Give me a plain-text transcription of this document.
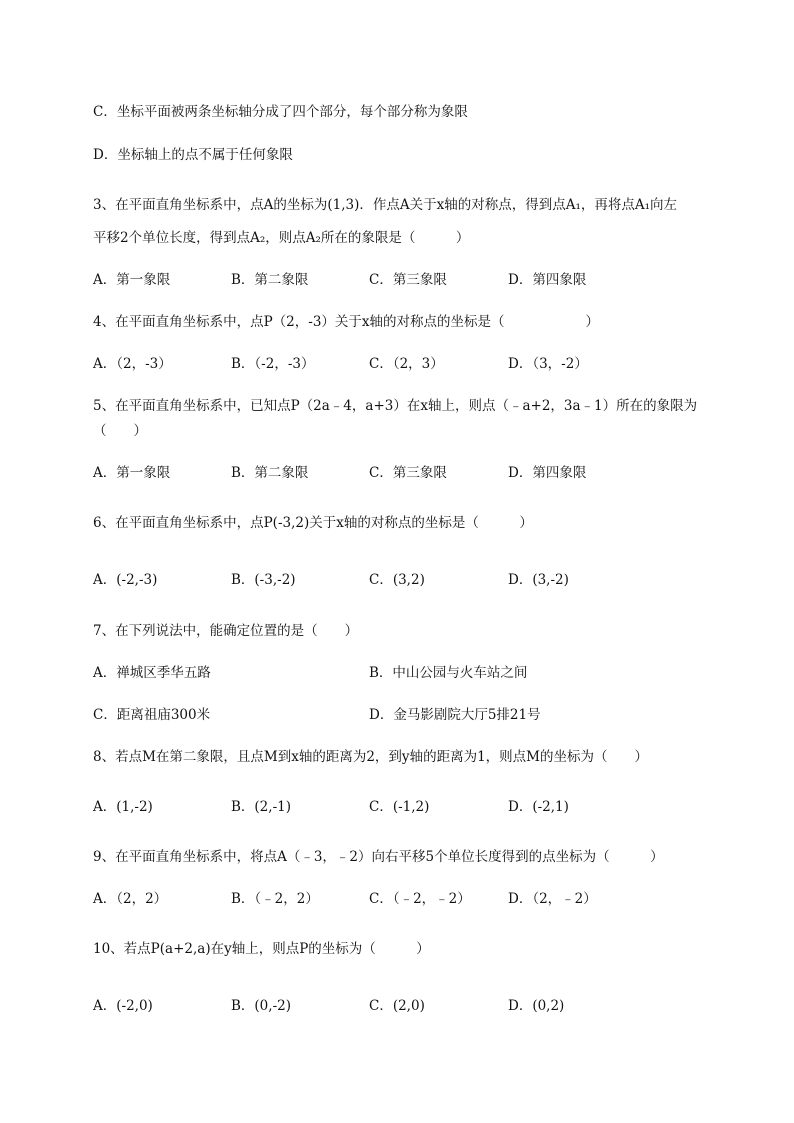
C．坐标平面被两条坐标轴分成了四个部分，每个部分称为象限
D．坐标轴上的点不属于任何象限
3、在平面直角坐标系中，点A的坐标为(1,3)．作点A关于x轴的对称点，得到点A₁，再将点A₁向左
平移2个单位长度，得到点A₂，则点A₂所在的象限是（　　　）
A．第一象限	B．第二象限	C．第三象限	D．第四象限
4、在平面直角坐标系中，点P（2，-3）关于x轴的对称点的坐标是（　　　　　　）
A．（2，-3）	B．（-2，-3）	C．（2，3）	D．（3，-2）
5、在平面直角坐标系中，已知点P（2a﹣4，a+3）在x轴上，则点（﹣a+2，3a﹣1）所在的象限为
（　　）
A．第一象限	B．第二象限	C．第三象限	D．第四象限
6、在平面直角坐标系中，点P(-3,2)关于x轴的对称点的坐标是（　　　）
A．(-2,-3)	B．(-3,-2)	C．(3,2)	D．(3,-2)
7、在下列说法中，能确定位置的是（　　）
A．禅城区季华五路	B．中山公园与火车站之间
C．距离祖庙300米	D．金马影剧院大厅5排21号
8、若点M在第二象限，且点M到x轴的距离为2，到y轴的距离为1，则点M的坐标为（　　）
A．(1,-2)	B．(2,-1)	C．(-1,2)	D．(-2,1)
9、在平面直角坐标系中，将点A（﹣3，﹣2）向右平移5个单位长度得到的点坐标为（　　　）
A．（2，2）	B．（﹣2，2）	C．（﹣2，﹣2）	D．（2，﹣2）
10、若点P(a+2,a)在y轴上，则点P的坐标为（　　　）
A．(-2,0)	B．(0,-2)	C．(2,0)	D．(0,2)
